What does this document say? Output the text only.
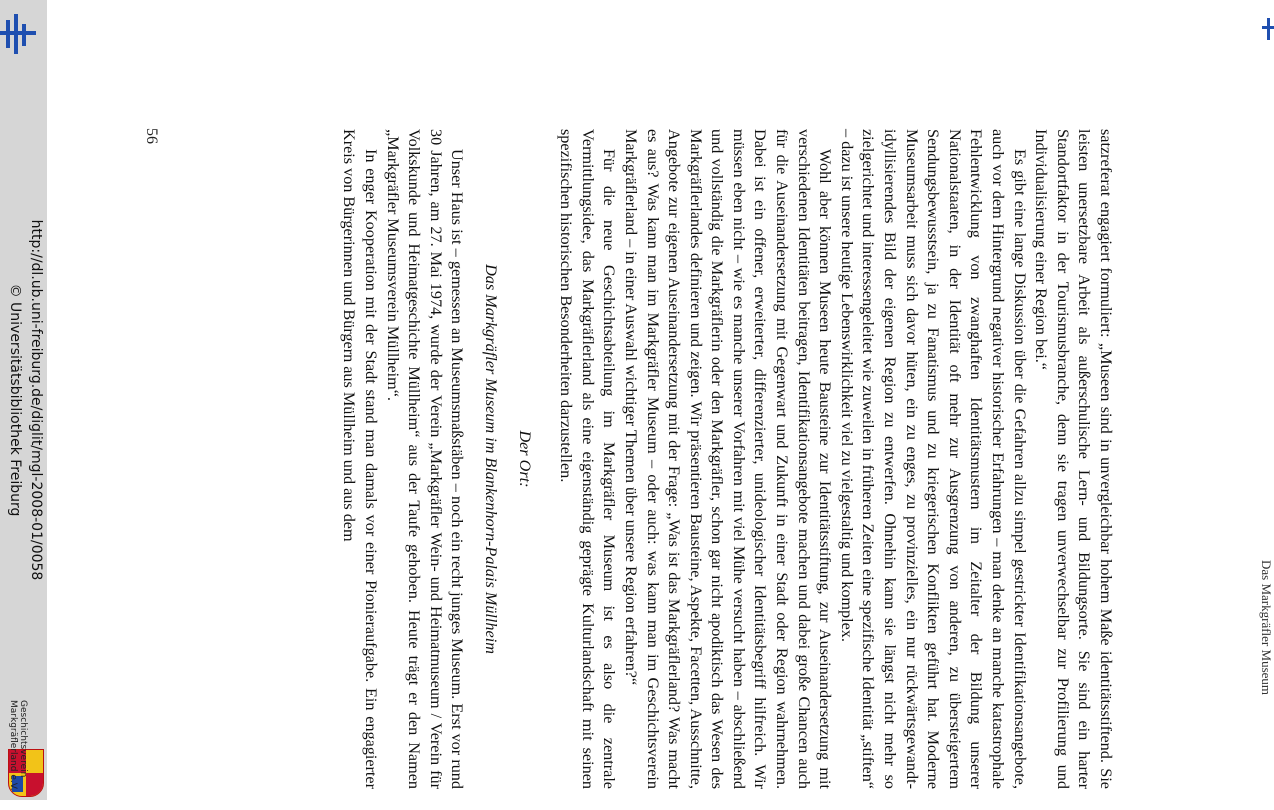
Das Markgräfler Museum

satzreferat engagiert formuliert: „Museen sind in unvergleichbar hohem Maße identitätsstiftend. Sie leisten unersetzbare Arbeit als außerschulische Lern- und Bildungsorte. Sie sind ein harter Standortfaktor in der Tourismusbranche, denn sie tragen unverwechselbar zur Profilierung und Individualisierung einer Region bei.“

Es gibt eine lange Diskussion über die Gefahren allzu simpel gestrickter Identifikationsangebote, auch vor dem Hintergrund negativer historischer Erfahrungen – man denke an manche katastrophale Fehlentwicklung von zwanghaften Identitätsmustern im Zeitalter der Bildung unserer Nationalstaaten, in der Identität oft mehr zur Ausgrenzung von anderen, zu übersteigertem Sendungsbewusstsein, ja zu Fanatismus und zu kriegerischen Konflikten geführt hat. Moderne Museumsarbeit muss sich davor hüten, ein zu enges, zu provinzielles, ein nur rückwärtsgewandt-idyllisierendes Bild der eigenen Region zu entwerfen. Ohnehin kann sie längst nicht mehr so zielgerichtet und interessengeleitet wie zuweilen in früheren Zeiten eine spezifische Identität „stiften“ – dazu ist unsere heutige Lebenswirklichkeit viel zu vielgestaltig und komplex.

Wohl aber können Museen heute Bausteine zur Identitätsstiftung, zur Auseinandersetzung mit verschiedenen Identitäten beitragen, Identifikationsangebote machen und dabei große Chancen auch für die Auseinandersetzung mit Gegenwart und Zukunft in einer Stadt oder Region wahrnehmen. Dabei ist ein offener, erweiterter, differenzierter, unideologischer Identitätsbegriff hilfreich. Wir müssen eben nicht – wie es manche unserer Vorfahren mit viel Mühe versucht haben – abschließend und vollständig die Markgräflerin oder den Markgräfler, schon gar nicht apodiktisch das Wesen des Markgräflerlandes definieren und zeigen. Wir präsentieren Bausteine, Aspekte, Facetten, Ausschnitte, Angebote zur eigenen Auseinandersetzung mit der Frage: „Was ist das Markgräflerland? Was macht es aus? Was kann man im Markgräfler Museum – oder auch: was kann man im Geschichtsverein Markgräflerland – in einer Auswahl wichtiger Themen über unsere Region erfahren?“

Für die neue Geschichtsabteilung im Markgräfler Museum ist es also die zentrale Vermittlungsidee, das Markgräflerland als eine eigenständig geprägte Kulturlandschaft mit seinen spezifischen historischen Besonderheiten darzustellen.

Der Ort:

Das Markgräfler Museum im Blankenhorn-Palais Müllheim

Unser Haus ist – gemessen an Museumsmaßstäben – noch ein recht junges Museum. Erst vor rund 30 Jahren, am 27. Mai 1974, wurde der Verein „Markgräfler Wein- und Heimatmuseum / Verein für Volkskunde und Heimatgeschichte Müllheim“ aus der Taufe gehoben. Heute trägt er den Namen „Markgräfler Museumsverein Müllheim“.

In enger Kooperation mit der Stadt stand man damals vor einer Pionieraufgabe. Ein engagierter Kreis von Bürgerinnen und Bürgern aus Müllheim und aus dem

56
http://dl.ub.uni-freiburg.de/diglit/mgl-2008-01/0058
© Universitätsbibliothek Freiburg
Geschichtsverein
Markgräflerland e.V.
